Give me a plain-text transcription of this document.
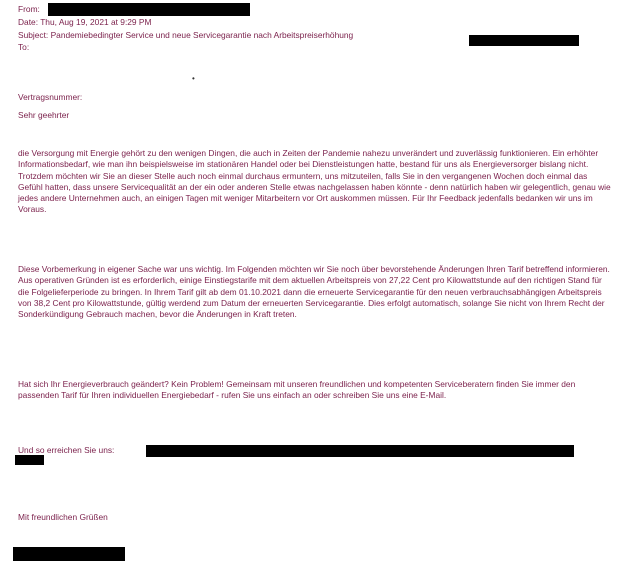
From:
Date: Thu, Aug 19, 2021 at 9:29 PM
Subject: Pandemiebedingter Service und neue Servicegarantie nach Arbeitspreiserhöhung
To:
•
Vertragsnummer:
Sehr geehrter

die Versorgung mit Energie gehört zu den wenigen Dingen, die auch in Zeiten der Pandemie nahezu unverändert und zuverlässig funktionieren. Ein erhöhter Informationsbedarf, wie man ihn beispielsweise im stationären Handel oder bei Dienstleistungen hatte, bestand für uns als Energieversorger bislang nicht. Trotzdem möchten wir Sie an dieser Stelle auch noch einmal durchaus ermuntern, uns mitzuteilen, falls Sie in den vergangenen Wochen doch einmal das Gefühl hatten, dass unsere Servicequalität an der ein oder anderen Stelle etwas nachgelassen haben könnte - denn natürlich haben wir gelegentlich, genau wie jedes andere Unternehmen auch, an einigen Tagen mit weniger Mitarbeitern vor Ort auskommen müssen. Für Ihr Feedback jedenfalls bedanken wir uns im Voraus.

Diese Vorbemerkung in eigener Sache war uns wichtig. Im Folgenden möchten wir Sie noch über bevorstehende Änderungen Ihren Tarif betreffend informieren. Aus operativen Gründen ist es erforderlich, einige Einstiegstarife mit dem aktuellen Arbeitspreis von 27,22 Cent pro Kilowattstunde auf den richtigen Stand für die Folgelieferperiode zu bringen. In Ihrem Tarif gilt ab dem 01.10.2021 dann die erneuerte Servicegarantie für den neuen verbrauchsabhängigen Arbeitspreis von 38,2 Cent pro Kilowattstunde, gültig werdend zum Datum der erneuerten Servicegarantie. Dies erfolgt automatisch, solange Sie nicht von Ihrem Recht der Sonderkündigung Gebrauch machen, bevor die Änderungen in Kraft treten.

Hat sich Ihr Energieverbrauch geändert? Kein Problem! Gemeinsam mit unseren freundlichen und kompetenten Serviceberatern finden Sie immer den passenden Tarif für Ihren individuellen Energiebedarf - rufen Sie uns einfach an oder schreiben Sie uns eine E-Mail.

Und so erreichen Sie uns:
Mit freundlichen Grüßen
